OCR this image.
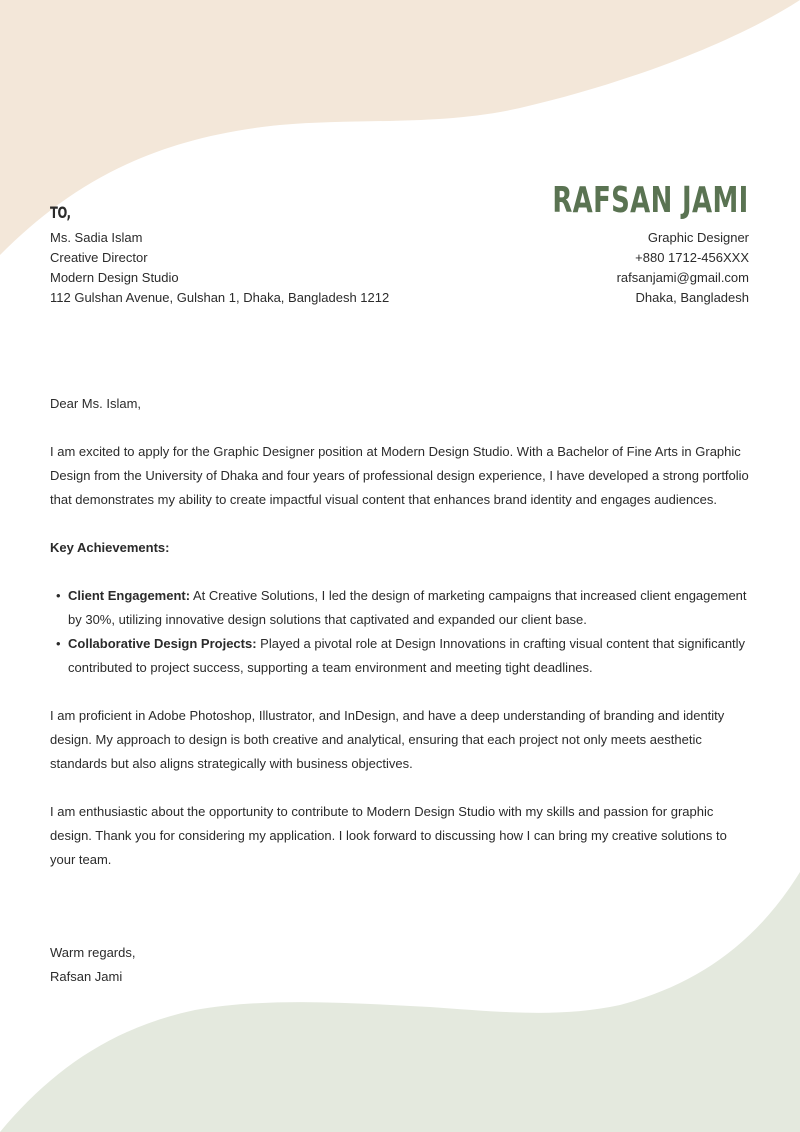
TO,
Ms. Sadia Islam
Creative Director
Modern Design Studio
112 Gulshan Avenue, Gulshan 1, Dhaka, Bangladesh 1212
RAFSAN JAMI
Graphic Designer
+880 1712-456XXX
rafsanjami@gmail.com
Dhaka, Bangladesh

Dear Ms. Islam,

I am excited to apply for the Graphic Designer position at Modern Design Studio. With a Bachelor of Fine Arts in Graphic Design from the University of Dhaka and four years of professional design experience, I have developed a strong portfolio that demonstrates my ability to create impactful visual content that enhances brand identity and engages audiences.

Key Achievements:

• Client Engagement: At Creative Solutions, I led the design of marketing campaigns that increased client engagement by 30%, utilizing innovative design solutions that captivated and expanded our client base.
• Collaborative Design Projects: Played a pivotal role at Design Innovations in crafting visual content that significantly contributed to project success, supporting a team environment and meeting tight deadlines.

I am proficient in Adobe Photoshop, Illustrator, and InDesign, and have a deep understanding of branding and identity design. My approach to design is both creative and analytical, ensuring that each project not only meets aesthetic standards but also aligns strategically with business objectives.

I am enthusiastic about the opportunity to contribute to Modern Design Studio with my skills and passion for graphic design. Thank you for considering my application. I look forward to discussing how I can bring my creative solutions to your team.

Warm regards,
Rafsan Jami
